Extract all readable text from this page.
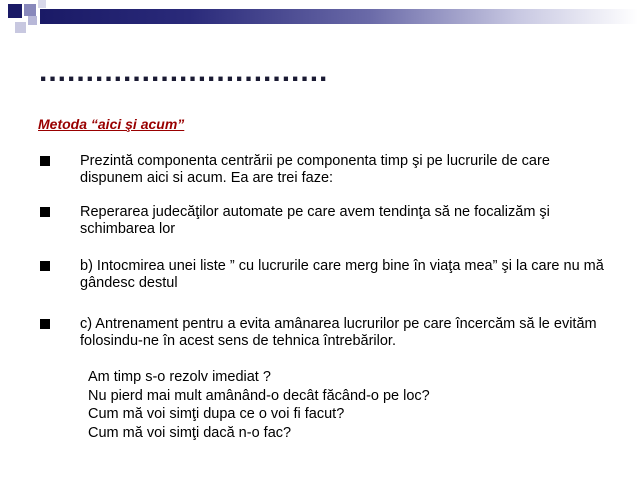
...............................
Metoda “aici şi acum”
Prezintă componenta centrării pe componenta timp şi pe lucrurile de care dispunem aici si acum. Ea are trei faze:
Reperarea judecăţilor automate pe care avem tendinţa să ne focalizăm şi schimbarea lor
b) Intocmirea unei liste ” cu lucrurile care merg bine în viaţa mea” şi la care nu mă gândesc destul
c) Antrenament pentru a evita amânarea lucrurilor pe care încercăm să le evităm folosindu-ne în acest sens de tehnica întrebărilor.
Am timp s-o rezolv imediat ?
Nu pierd mai mult amânând-o decât făcând-o pe loc?
Cum mă voi simţi dupa ce o voi fi facut?
Cum mă voi simţi dacă n-o fac?
